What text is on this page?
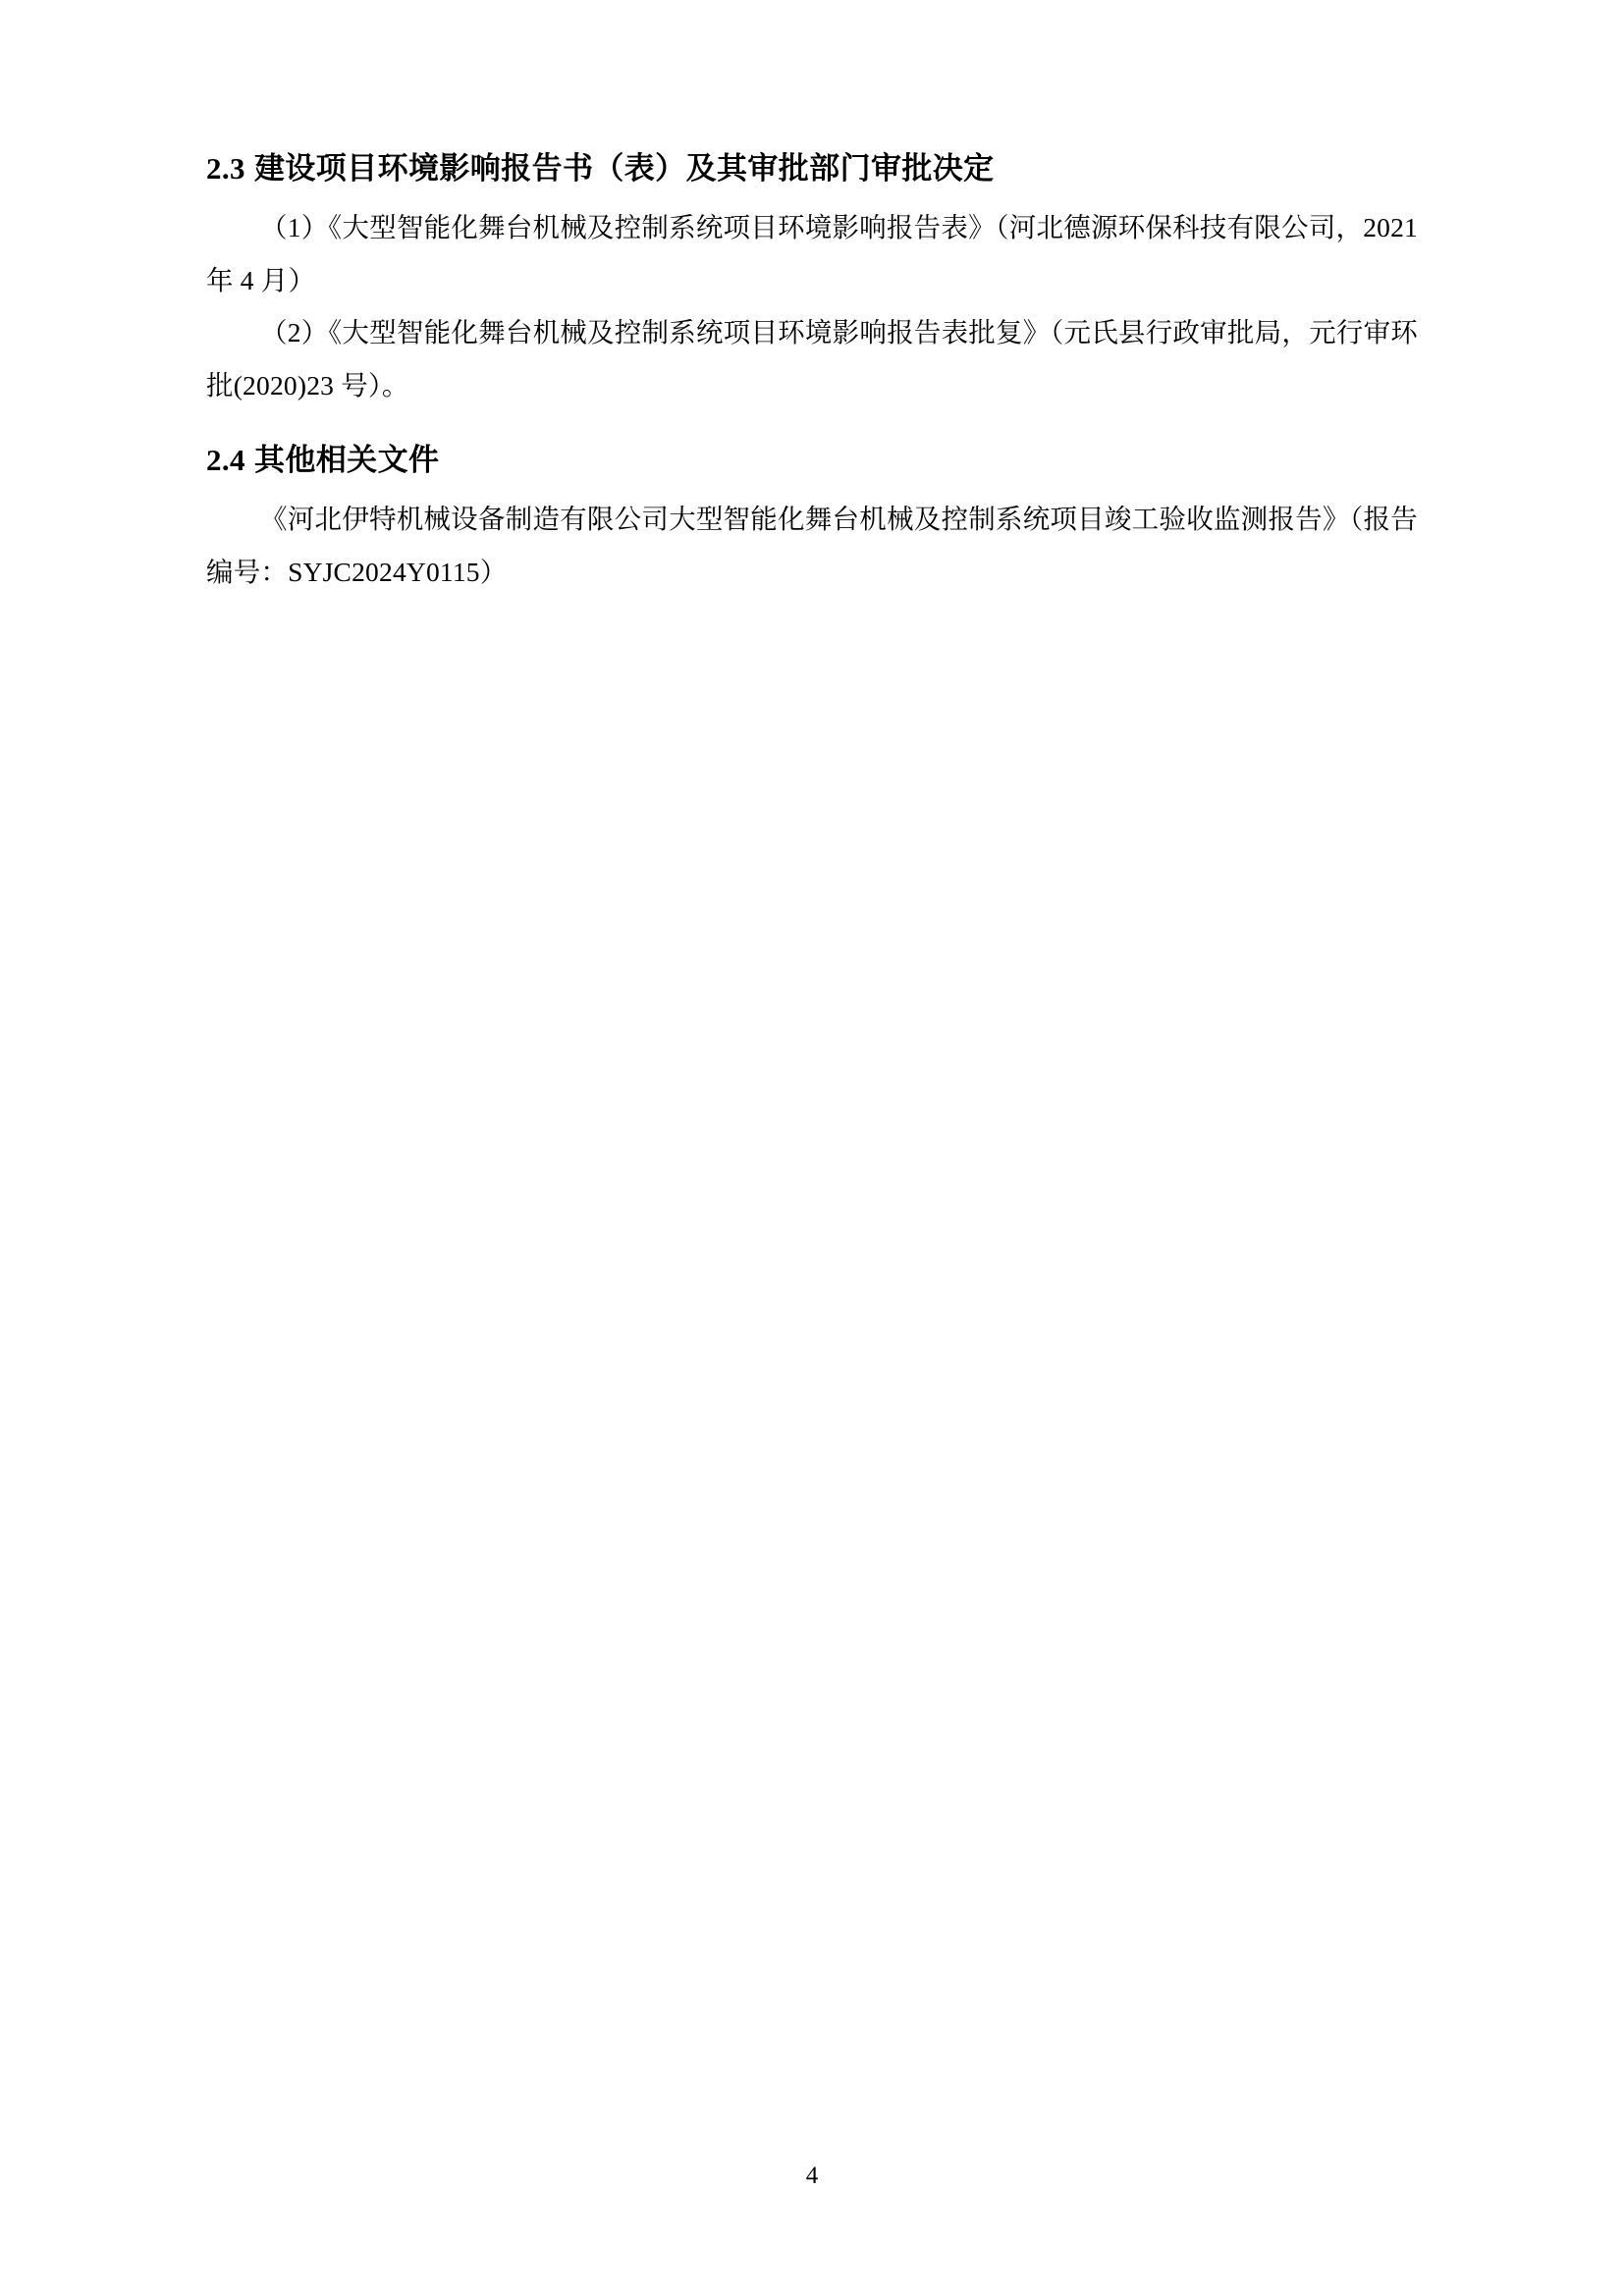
2.3 建设项目环境影响报告书（表）及其审批部门审批决定

（1）《大型智能化舞台机械及控制系统项目环境影响报告表》（河北德源环保科技有限公司，2021 年 4 月）

（2）《大型智能化舞台机械及控制系统项目环境影响报告表批复》（元氏县行政审批局，元行审环批(2020)23 号）。

2.4 其他相关文件

《河北伊特机械设备制造有限公司大型智能化舞台机械及控制系统项目竣工验收监测报告》（报告编号：SYJC2024Y0115）

4
